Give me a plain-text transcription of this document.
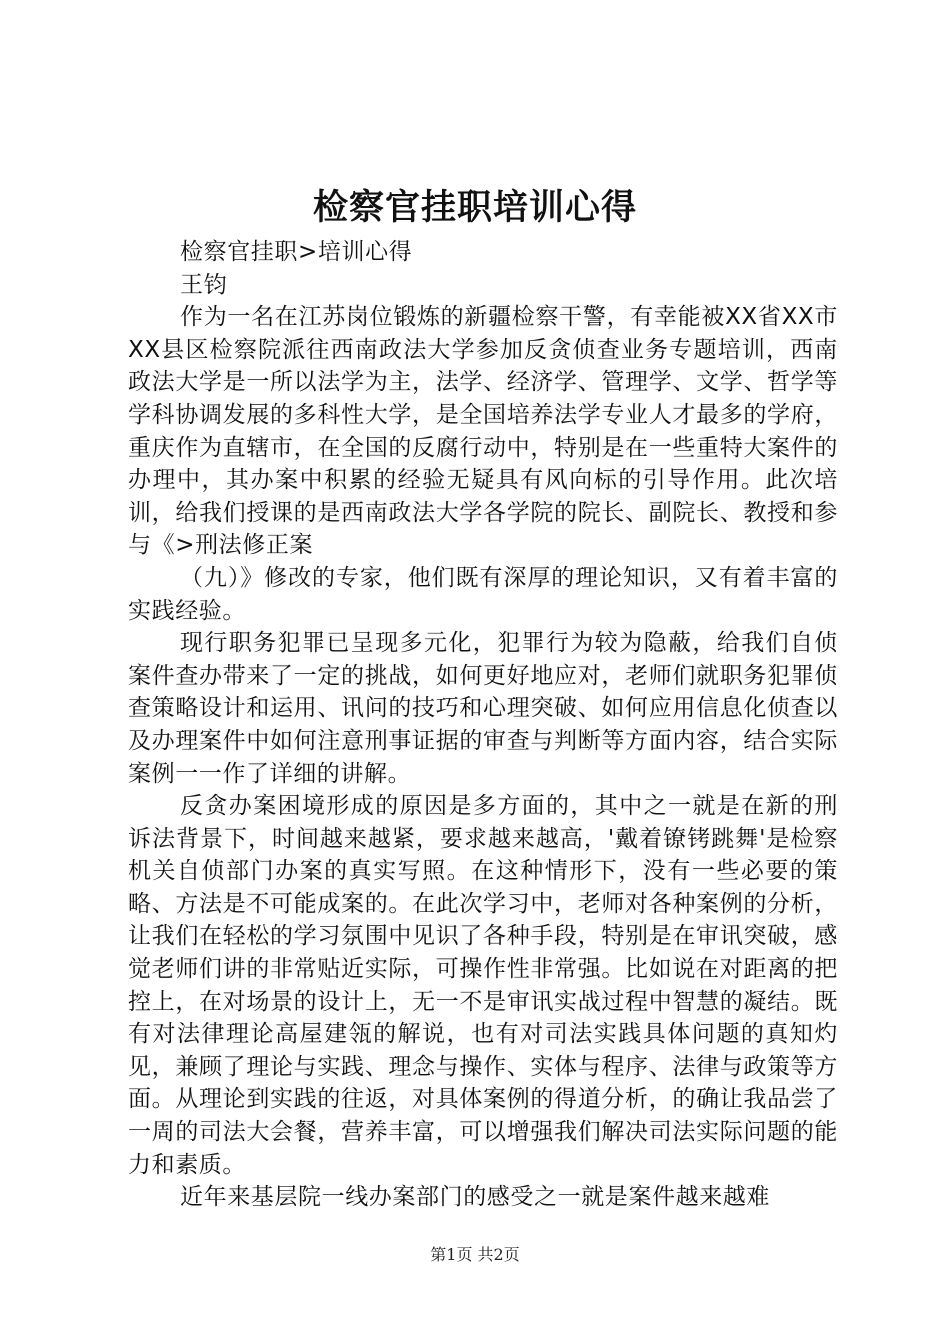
检察官挂职培训心得

检察官挂职>培训心得

王钧

作为一名在江苏岗位锻炼的新疆检察干警，有幸能被XX省XX市XX县区检察院派往西南政法大学参加反贪侦查业务专题培训，西南政法大学是一所以法学为主，法学、经济学、管理学、文学、哲学等学科协调发展的多科性大学，是全国培养法学专业人才最多的学府，重庆作为直辖市，在全国的反腐行动中，特别是在一些重特大案件的办理中，其办案中积累的经验无疑具有风向标的引导作用。此次培训，给我们授课的是西南政法大学各学院的院长、副院长、教授和参与《>刑法修正案

（九）》修改的专家，他们既有深厚的理论知识，又有着丰富的实践经验。

现行职务犯罪已呈现多元化，犯罪行为较为隐蔽，给我们自侦案件查办带来了一定的挑战，如何更好地应对，老师们就职务犯罪侦查策略设计和运用、讯问的技巧和心理突破、如何应用信息化侦查以及办理案件中如何注意刑事证据的审查与判断等方面内容，结合实际案例一一作了详细的讲解。

反贪办案困境形成的原因是多方面的，其中之一就是在新的刑诉法背景下，时间越来越紧，要求越来越高，'戴着镣铐跳舞'是检察机关自侦部门办案的真实写照。在这种情形下，没有一些必要的策略、方法是不可能成案的。在此次学习中，老师对各种案例的分析，让我们在轻松的学习氛围中见识了各种手段，特别是在审讯突破，感觉老师们讲的非常贴近实际，可操作性非常强。比如说在对距离的把控上，在对场景的设计上，无一不是审讯实战过程中智慧的凝结。既有对法律理论高屋建瓴的解说，也有对司法实践具体问题的真知灼见，兼顾了理论与实践、理念与操作、实体与程序、法律与政策等方面。从理论到实践的往返，对具体案例的得道分析，的确让我品尝了一周的司法大会餐，营养丰富，可以增强我们解决司法实际问题的能力和素质。

近年来基层院一线办案部门的感受之一就是案件越来越难

第1页 共2页
